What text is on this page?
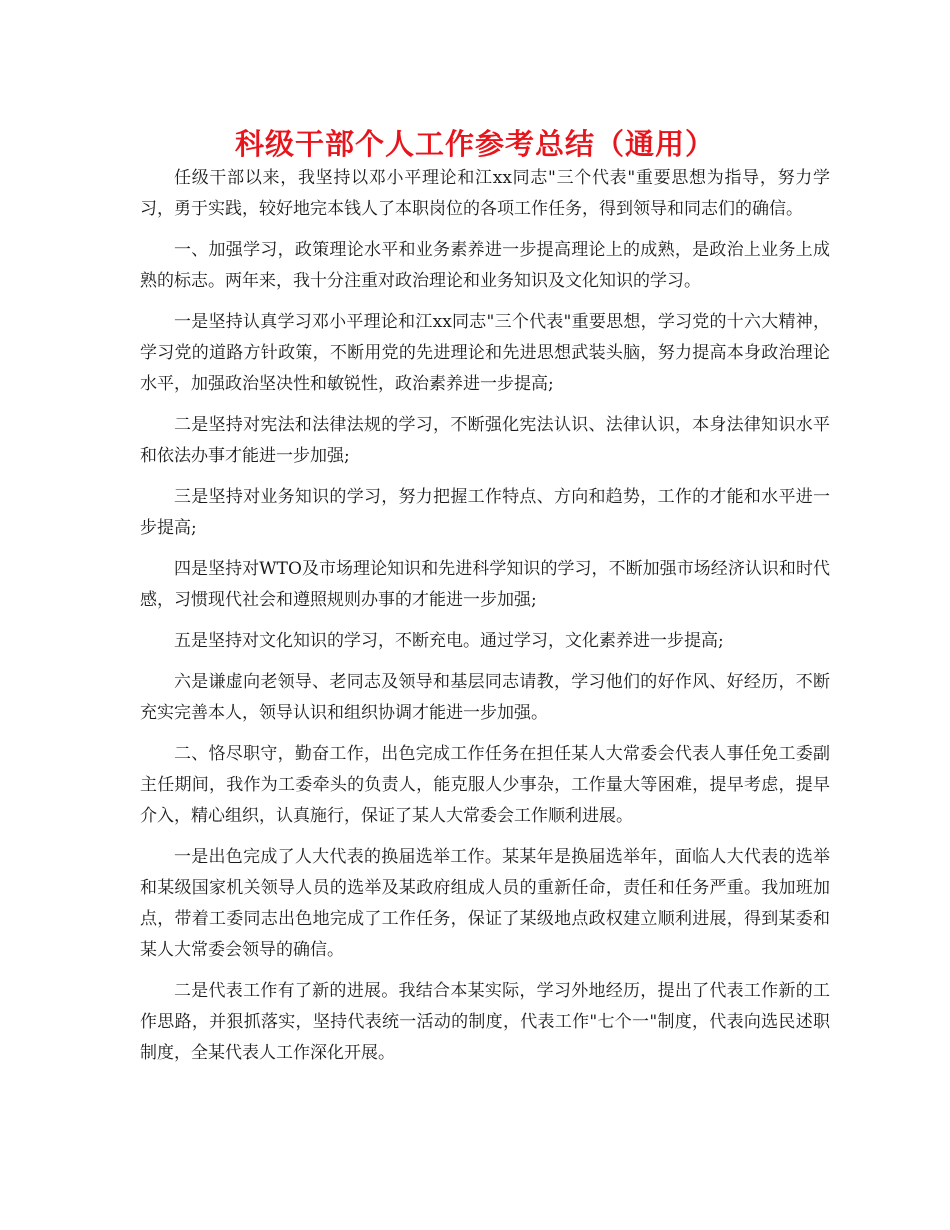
科级干部个人工作参考总结（通用）

任级干部以来，我坚持以邓小平理论和江xx同志"三个代表"重要思想为指导，努力学习，勇于实践，较好地完本钱人了本职岗位的各项工作任务，得到领导和同志们的确信。

一、加强学习，政策理论水平和业务素养进一步提高理论上的成熟，是政治上业务上成熟的标志。两年来，我十分注重对政治理论和业务知识及文化知识的学习。

一是坚持认真学习邓小平理论和江xx同志"三个代表"重要思想，学习党的十六大精神，学习党的道路方针政策，不断用党的先进理论和先进思想武装头脑，努力提高本身政治理论水平，加强政治坚决性和敏锐性，政治素养进一步提高;

二是坚持对宪法和法律法规的学习，不断强化宪法认识、法律认识，本身法律知识水平和依法办事才能进一步加强;

三是坚持对业务知识的学习，努力把握工作特点、方向和趋势，工作的才能和水平进一步提高;

四是坚持对WTO及市场理论知识和先进科学知识的学习，不断加强市场经济认识和时代感，习惯现代社会和遵照规则办事的才能进一步加强;

五是坚持对文化知识的学习，不断充电。通过学习，文化素养进一步提高;

六是谦虚向老领导、老同志及领导和基层同志请教，学习他们的好作风、好经历，不断充实完善本人，领导认识和组织协调才能进一步加强。

二、恪尽职守，勤奋工作，出色完成工作任务在担任某人大常委会代表人事任免工委副主任期间，我作为工委牵头的负责人，能克服人少事杂，工作量大等困难，提早考虑，提早介入，精心组织，认真施行，保证了某人大常委会工作顺利进展。

一是出色完成了人大代表的换届选举工作。某某年是换届选举年，面临人大代表的选举和某级国家机关领导人员的选举及某政府组成人员的重新任命，责任和任务严重。我加班加点，带着工委同志出色地完成了工作任务，保证了某级地点政权建立顺利进展，得到某委和某人大常委会领导的确信。

二是代表工作有了新的进展。我结合本某实际，学习外地经历，提出了代表工作新的工作思路，并狠抓落实，坚持代表统一活动的制度，代表工作"七个一"制度，代表向选民述职制度，全某代表人工作深化开展。
